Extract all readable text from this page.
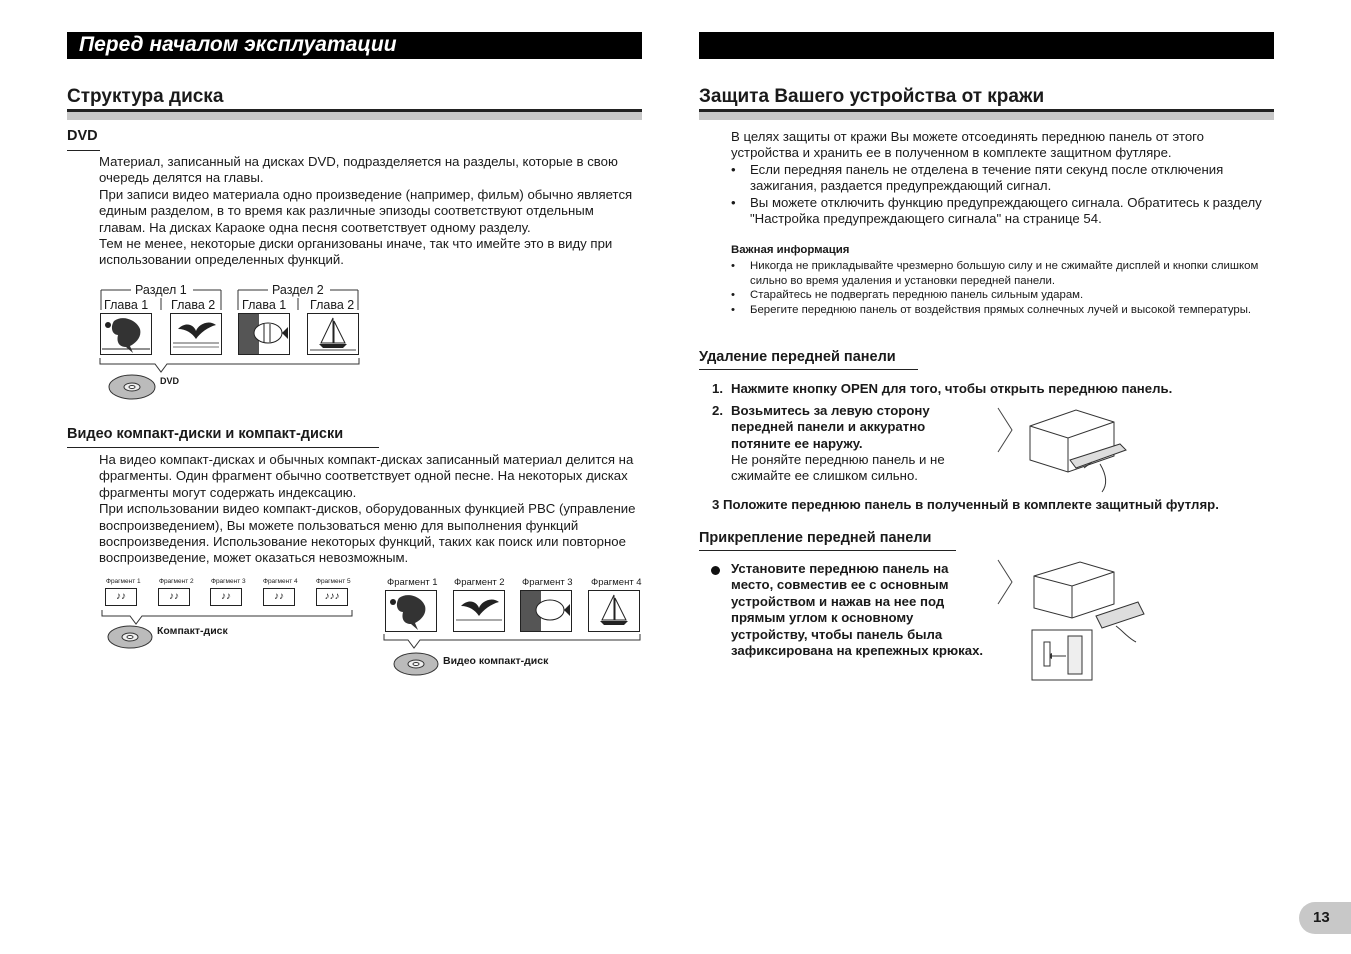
Перед началом эксплуатации
Структура диска
DVD

Материал, записанный на дисках DVD, подразделяется на разделы, которые в свою очередь делятся на главы.

При записи видео материала одно произведение (например, фильм) обычно является единым разделом, в то время как различные эпизоды соответствуют отдельным главам. На дисках Караоке одна песня соответствует одному разделу.

Тем не менее, некоторые диски организованы иначе, так что имейте это в виду при использовании определенных функций.

Раздел 1	Раздел 2
Глава 1 Глава 2 Глава 1 Глава 2
DVD
Видео компакт-диски и компакт-диски

На видео компакт-дисках и обычных компакт-дисках записанный материал делится на фрагменты. Один фрагмент обычно соответствует одной песне. На некоторых дисках фрагменты могут содержать индексацию.

При использовании видео компакт-дисков, оборудованных функцией PBC (управление воспроизведением), Вы можете пользоваться меню для выполнения функций воспроизведения. Использование некоторых функций, таких как поиск или повторное воспроизведение, может оказаться невозможным.

Фрагмент 1	Фрагмент 2	Фрагмент 3	Фрагмент 4	Фрагмент 5
♪♪	♪♪	♪♪	♪♪	♪♪♪
Компакт-диск
Фрагмент 1 Фрагмент 2 Фрагмент 3 Фрагмент 4
Видео компакт-диск
Защита Вашего устройства от кражи
В целях защиты от кражи Вы можете отсоединять переднюю панель от этого устройства и хранить ее в полученном в комплекте защитном футляре.
• Если передняя панель не отделена в течение пяти секунд после отключения зажигания, раздается предупреждающий сигнал.
• Вы можете отключить функцию предупреждающего сигнала. Обратитесь к разделу "Настройка предупреждающего сигнала" на странице 54.
Важная информация
• Никогда не прикладывайте чрезмерно большую силу и не сжимайте дисплей и кнопки слишком сильно во время удаления и установки передней панели.
• Старайтесь не подвергать переднюю панель сильным ударам.
• Берегите переднюю панель от воздействия прямых солнечных лучей и высокой температуры.
Удаление передней панели
1. Нажмите кнопку OPEN для того, чтобы открыть переднюю панель.
2. Возьмитесь за левую сторону передней панели и аккуратно потяните ее наружу.
Не роняйте переднюю панель и не сжимайте ее слишком сильно.
3 Положите переднюю панель в полученный в комплекте защитный футляр.
Прикрепление передней панели
Установите переднюю панель на место, совместив ее с основным устройством и нажав на нее под прямым углом к основному устройству, чтобы панель была зафиксирована на крепежных крюках.
13
